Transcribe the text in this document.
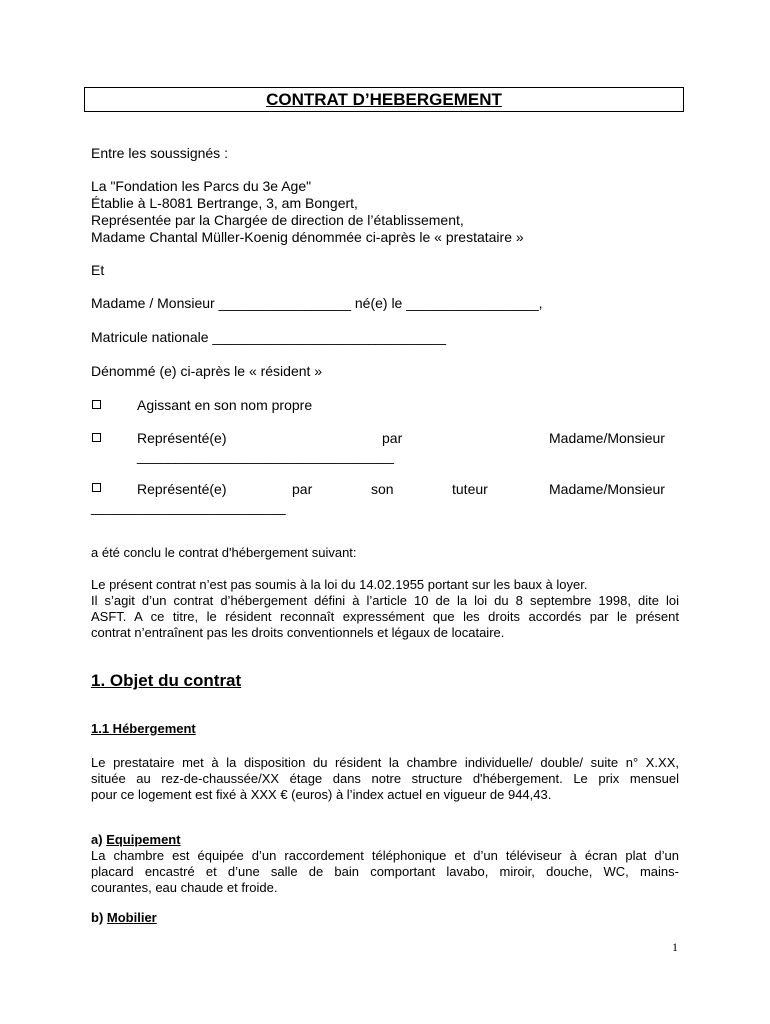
CONTRAT D’HEBERGEMENT
Entre les soussignés :
La "Fondation les Parcs du 3e Age"
Établie à L-8081 Bertrange, 3, am Bongert,
Représentée par la Chargée de direction de l’établissement,
Madame Chantal Müller-Koenig dénommée ci-après le « prestataire »
Et
Madame / Monsieur _________________ né(e) le _________________,
Matricule nationale ______________________________
Dénommé (e) ci-après le « résident »
Agissant en son nom propre
Représenté(e)	par	Madame/Monsieur
_________________________________
Représenté(e)	par	son	tuteur	Madame/Monsieur
_________________________
a été conclu le contrat d'hébergement suivant:
Le présent contrat n’est pas soumis à la loi du 14.02.1955 portant sur les baux à loyer.
Il s’agit d’un contrat d’hébergement défini à l’article 10 de la loi du 8 septembre 1998, dite loi
ASFT. A ce titre, le résident reconnaît expressément que les droits accordés par le présent
contrat n’entraînent pas les droits conventionnels et légaux de locataire.
1. Objet du contrat
1.1 Hébergement
Le prestataire met à la disposition du résident la chambre individuelle/ double/ suite n° X.XX,
située au rez-de-chaussée/XX étage dans notre structure d'hébergement. Le prix mensuel
pour ce logement est fixé à XXX € (euros) à l’index actuel en vigueur de 944,43.
a) Equipement
La chambre est équipée d’un raccordement téléphonique et d’un téléviseur à écran plat d’un
placard encastré et d’une salle de bain comportant lavabo, miroir, douche, WC, mains-
courantes, eau chaude et froide.
b) Mobilier
1
